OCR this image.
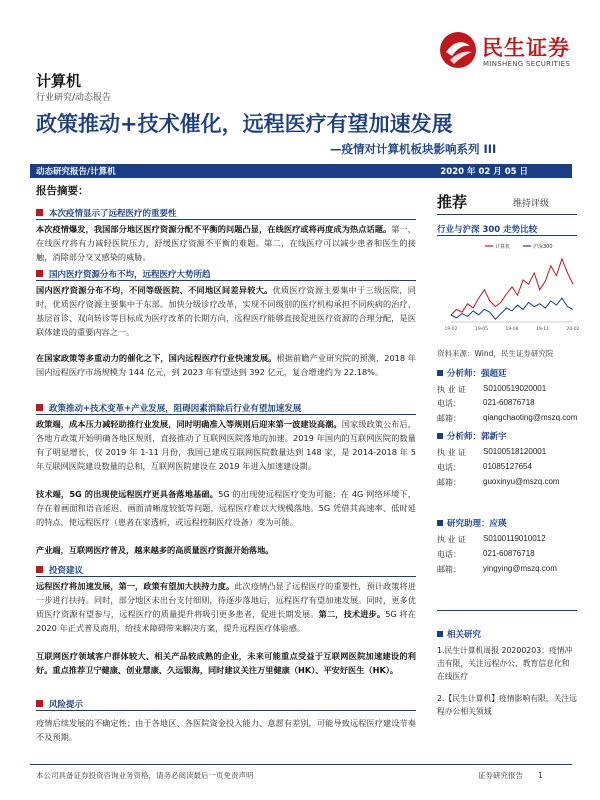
民生证券
MINSHENG SECURITIES
计算机
行业研究/动态报告
政策推动+技术催化，远程医疗有望加速发展
—疫情对计算机板块影响系列 III
动态研究报告/计算机	2020 年 02 月 05 日
报告摘要：
本次疫情显示了远程医疗的重要性
本次疫情爆发，我国部分地区医疗资源分配不平衡的问题凸显，在线医疗或将再度成为热点话题。第一，在线医疗将有力减轻医院压力，舒缓医疗资源不平衡的难题。第二，在线医疗可以减少患者和医生的接触，消除部分交叉感染的威胁。
国内医疗资源分布不均，远程医疗大势所趋
国内医疗资源分布不均，不同等级医院、不同地区间差异较大。优质医疗资源主要集中于三级医院，同时，优质医疗资源主要集中于东部。加快分级诊疗改革，实现不同级别的医疗机构承担不同疾病的治疗、基层首诊、双向转诊等目标成为医疗改革的长期方向，远程医疗能够直接促进医疗资源的合理分配，是医联体建设的重要内容之一。
在国家政策等多重动力的催化之下，国内远程医疗行业快速发展。根据前瞻产业研究院的预测，2018 年国内远程医疗市场规模为 144 亿元，到 2023 年有望达到 392 亿元，复合增速约为 22.18%。
政策推动+技术变革+产业发展，阻碍因素消除后行业有望加速发展
政策端，成本压力减轻助推行业发展，同时明确准入等规则后迎来第一波建设高潮。国家级政策公布后，各地方政策开始明确各地区规则，直接推动了互联网医院落地的加速。2019 年国内的互联网医院的数量有了明显增长，仅 2019 年 1-11 月份，我国已建成互联网医院数量达到 148 家，是 2014-2018 年 5 年互联网医院建设数量的总和，互联网医院建设在 2019 年进入加速建设期。
技术端，5G 的出现使远程医疗更具备落地基础。5G 的出现使远程医疗变为可能：在 4G 网络环境下，存在着画面和语音延迟、画面清晰度较低等问题，远程医疗难以大规模落地。5G 凭借其高速率、低时延的特点，使远程医疗（患者在家透析，或远程控制医疗设备）变为可能。
产业端，互联网医疗普及，越来越多的高质量医疗资源开始落地。
投资建议
远程医疗将加速发展，第一，政策有望加大扶持力度。此次疫情凸显了远程医疗的重要性，预计政策将进一步进行扶持。同时，部分地区未出台支付细则，待逐步落地后，远程医疗有望加速发展。同时，更多优质医疗资源有望参与，远程医疗的质量提升将吸引更多患者，促进长期发展。第二，技术进步。5G 将在 2020 年正式普及商用，给技术障碍带来解决方案，提升远程医疗体验感。
互联网医疗领域客户群体较大、相关产品较成熟的企业，未来可能重点受益于互联网医院加速建设的利好。重点推荐卫宁健康、创业慧康、久远银海，同时建议关注万里健康（HK）、平安好医生（HK）。
风险提示
疫情后续发展的不确定性；由于各地区、各医院资金投入能力、意愿有差别，可能导致远程医疗建设节奏不及预期。
推荐	维持评级
行业与沪深 300 走势比较
计算机	沪深300
19-02	19-05	19-08	19-11	20-02
资料来源：Wind，民生证券研究院
分析师：强超廷
执 业 证 S0100519020001
电话：	021-60876718
邮箱：	qiangchaoting@mszq.com
分析师：郭新宇
执 业 证 S0100518120001
电话：	01085127654
邮箱：	guoxinyu@mszq.com
研究助理：应瑛
执 业 证 S0100119010012
电话：	021-60876718
邮箱：	yingying@mszq.com
相关研究
1.民生计算机周报 20200203：疫情冲击有限，关注远程办公、教育信息化和在线医疗
2.【民生计算机】疫情影响有限，关注远程办公相关领域
本公司具备证券投资咨询业务资格，请务必阅读最后一页免责声明	证券研究报告　　1
